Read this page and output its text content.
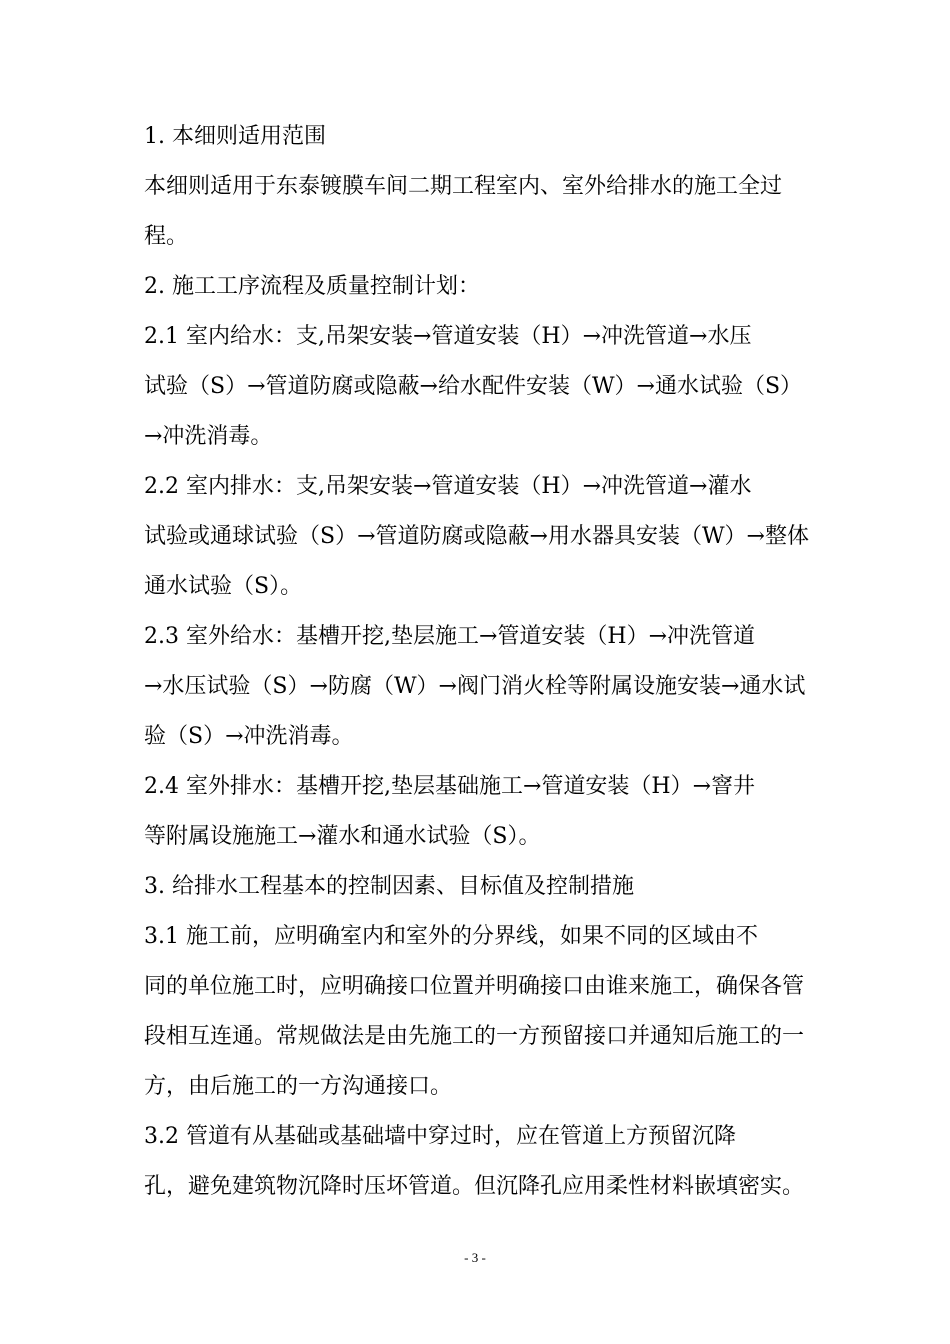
1. 本细则适用范围
本细则适用于东泰镀膜车间二期工程室内、室外给排水的施工全过
程。
2. 施工工序流程及质量控制计划：
2.1 室内给水：支,吊架安装→管道安装（H）→冲洗管道→水压
试验（S）→管道防腐或隐蔽→给水配件安装（W）→通水试验（S）
→冲洗消毒。
2.2 室内排水：支,吊架安装→管道安装（H）→冲洗管道→灌水
试验或通球试验（S）→管道防腐或隐蔽→用水器具安装（W）→整体
通水试验（S）。
2.3 室外给水：基槽开挖,垫层施工→管道安装（H）→冲洗管道
→水压试验（S）→防腐（W）→阀门消火栓等附属设施安装→通水试
验（S）→冲洗消毒。
2.4 室外排水：基槽开挖,垫层基础施工→管道安装（H）→窨井
等附属设施施工→灌水和通水试验（S）。
3. 给排水工程基本的控制因素、目标值及控制措施
3.1 施工前，应明确室内和室外的分界线，如果不同的区域由不
同的单位施工时，应明确接口位置并明确接口由谁来施工，确保各管
段相互连通。常规做法是由先施工的一方预留接口并通知后施工的一
方，由后施工的一方沟通接口。
3.2 管道有从基础或基础墙中穿过时，应在管道上方预留沉降
孔，避免建筑物沉降时压坏管道。但沉降孔应用柔性材料嵌填密实。
- 3 -
